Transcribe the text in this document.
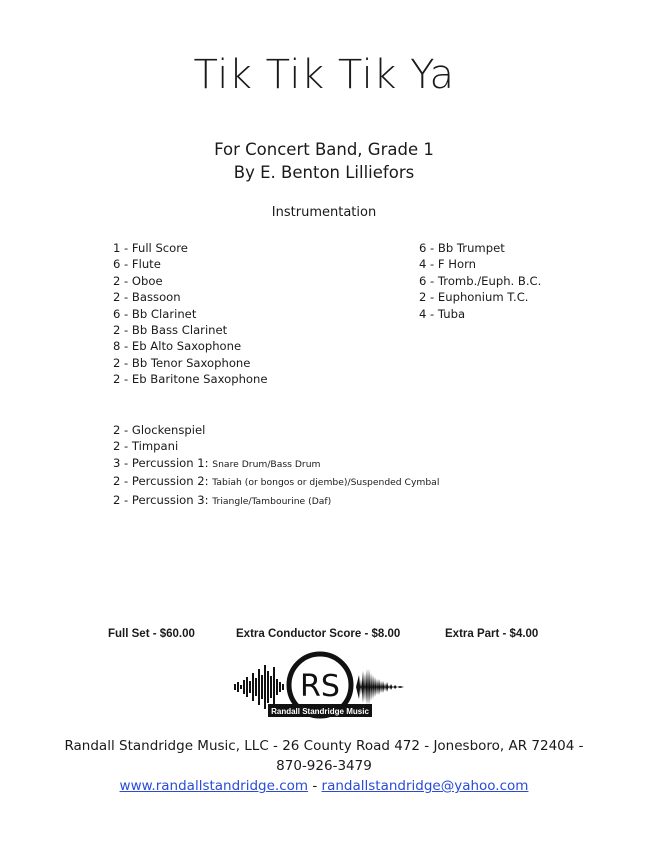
Tik Tik Tik Ya
For Concert Band, Grade 1
By E. Benton Lilliefors
Instrumentation
1 - Full Score
6 - Flute
2 - Oboe
2 - Bassoon
6 - Bb Clarinet
2 - Bb Bass Clarinet
8 - Eb Alto Saxophone
2 - Bb Tenor Saxophone
2 - Eb Baritone Saxophone
6 - Bb Trumpet
4 - F Horn
6 - Tromb./Euph. B.C.
2 - Euphonium T.C.
4 - Tuba
2 - Glockenspiel
2 - Timpani
3 - Percussion 1: Snare Drum/Bass Drum
2 - Percussion 2: Tabiah (or bongos or djembe)/Suspended Cymbal
2 - Percussion 3: Triangle/Tambourine (Daf)
Full Set - $60.00	Extra Conductor Score - $8.00	Extra Part - $4.00
RS
Randall Standridge Music
Randall Standridge Music, LLC - 26 County Road 472 - Jonesboro, AR 72404 -
870-926-3479
www.randallstandridge.com - randallstandridge@yahoo.com
